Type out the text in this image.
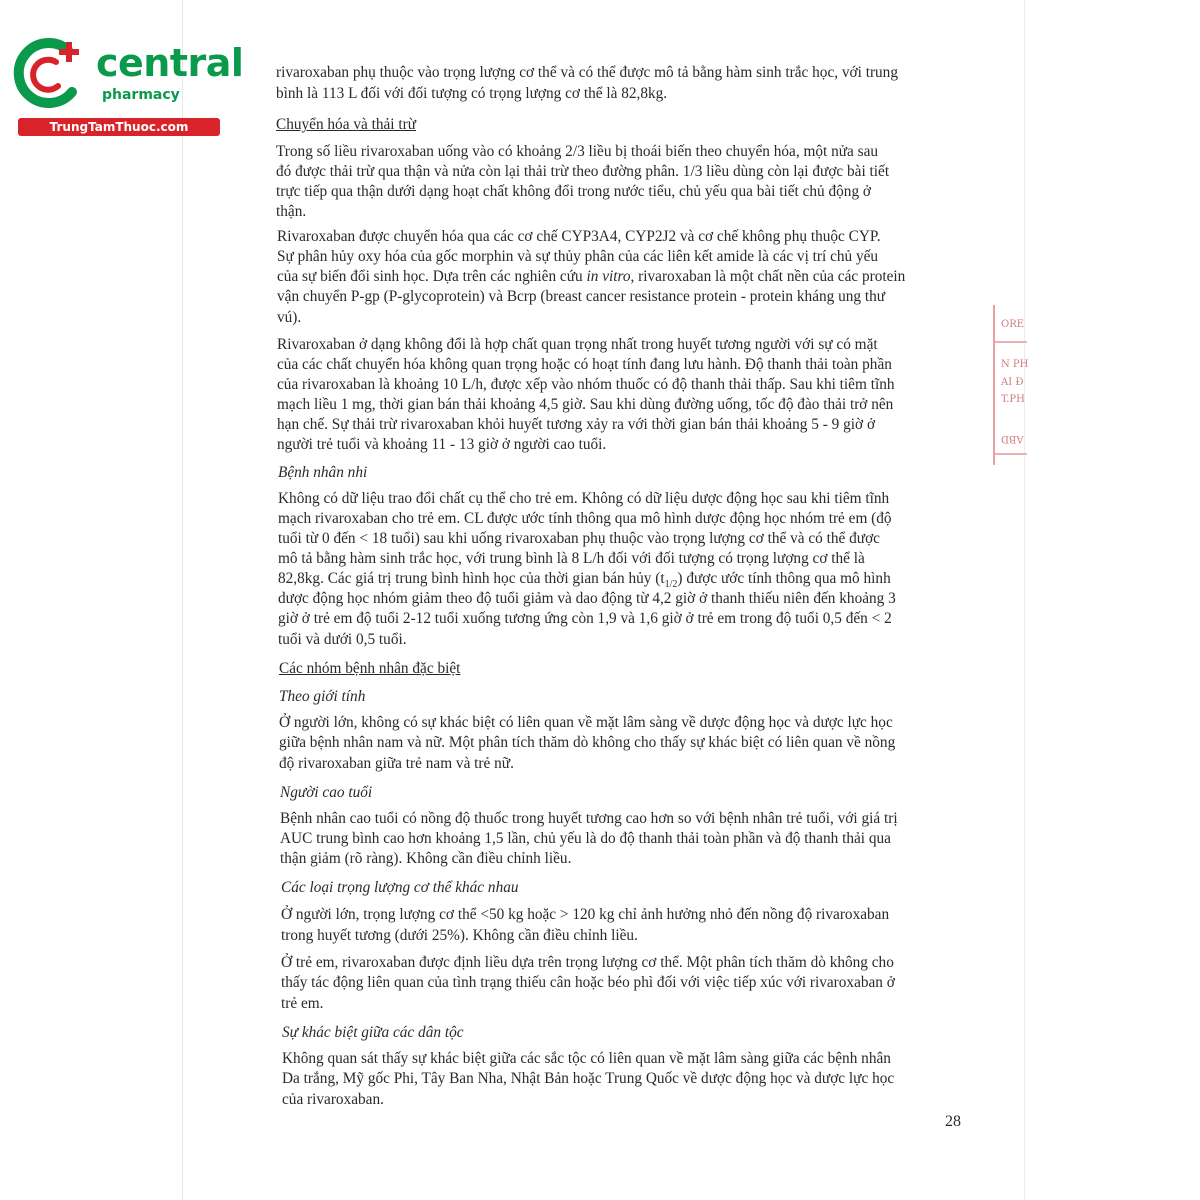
central
pharmacy
TrungTamThuoc.com
ORE
N PH
AI Đ
T.PH
ABD

rivaroxaban phụ thuộc vào trọng lượng cơ thể và có thể được mô tả bằng hàm sinh trắc học, với trung

bình là 113 L đối với đối tượng có trọng lượng cơ thể là 82,8kg.

Chuyển hóa và thải trừ

Trong số liều rivaroxaban uống vào có khoảng 2/3 liều bị thoái biến theo chuyển hóa, một nửa sau

đó được thải trừ qua thận và nửa còn lại thải trừ theo đường phân. 1/3 liều dùng còn lại được bài tiết

trực tiếp qua thận dưới dạng hoạt chất không đổi trong nước tiểu, chủ yếu qua bài tiết chủ động ở

thận.

Rivaroxaban được chuyển hóa qua các cơ chế CYP3A4, CYP2J2 và cơ chế không phụ thuộc CYP.

Sự phân hủy oxy hóa của gốc morphin và sự thủy phân của các liên kết amide là các vị trí chủ yếu

của sự biến đổi sinh học. Dựa trên các nghiên cứu in vitro, rivaroxaban là một chất nền của các protein

vận chuyển P-gp (P-glycoprotein) và Bcrp (breast cancer resistance protein - protein kháng ung thư

vú).

Rivaroxaban ở dạng không đổi là hợp chất quan trọng nhất trong huyết tương người với sự có mặt

của các chất chuyển hóa không quan trọng hoặc có hoạt tính đang lưu hành. Độ thanh thải toàn phần

của rivaroxaban là khoảng 10 L/h, được xếp vào nhóm thuốc có độ thanh thải thấp. Sau khi tiêm tĩnh

mạch liều 1 mg, thời gian bán thải khoảng 4,5 giờ. Sau khi dùng đường uống, tốc độ đào thải trở nên

hạn chế. Sự thải trừ rivaroxaban khỏi huyết tương xảy ra với thời gian bán thải khoảng 5 - 9 giờ ở

người trẻ tuổi và khoảng 11 - 13 giờ ở người cao tuổi.

Bệnh nhân nhi

Không có dữ liệu trao đổi chất cụ thể cho trẻ em. Không có dữ liệu dược động học sau khi tiêm tĩnh

mạch rivaroxaban cho trẻ em. CL được ước tính thông qua mô hình dược động học nhóm trẻ em (độ

tuổi từ 0 đến < 18 tuổi) sau khi uống rivaroxaban phụ thuộc vào trọng lượng cơ thể và có thể được

mô tả bằng hàm sinh trắc học, với trung bình là 8 L/h đối với đối tượng có trọng lượng cơ thể là

82,8kg. Các giá trị trung bình hình học của thời gian bán hủy $(t_{1/2})$ được ước tính thông qua mô hình

dược động học nhóm giảm theo độ tuổi giảm và dao động từ 4,2 giờ ở thanh thiếu niên đến khoảng 3

giờ ở trẻ em độ tuổi 2-12 tuổi xuống tương ứng còn 1,9 và 1,6 giờ ở trẻ em trong độ tuổi 0,5 đến < 2

tuổi và dưới 0,5 tuổi.

Các nhóm bệnh nhân đặc biệt

Theo giới tính

Ở người lớn, không có sự khác biệt có liên quan về mặt lâm sàng về dược động học và dược lực học

giữa bệnh nhân nam và nữ. Một phân tích thăm dò không cho thấy sự khác biệt có liên quan về nồng

độ rivaroxaban giữa trẻ nam và trẻ nữ.

Người cao tuổi

Bệnh nhân cao tuổi có nồng độ thuốc trong huyết tương cao hơn so với bệnh nhân trẻ tuổi, với giá trị

AUC trung bình cao hơn khoảng 1,5 lần, chủ yếu là do độ thanh thải toàn phần và độ thanh thải qua

thận giảm (rõ ràng). Không cần điều chỉnh liều.

Các loại trọng lượng cơ thể khác nhau

Ở người lớn, trọng lượng cơ thể <50 kg hoặc > 120 kg chỉ ảnh hưởng nhỏ đến nồng độ rivaroxaban

trong huyết tương (dưới 25%). Không cần điều chỉnh liều.

Ở trẻ em, rivaroxaban được định liều dựa trên trọng lượng cơ thể. Một phân tích thăm dò không cho

thấy tác động liên quan của tình trạng thiếu cân hoặc béo phì đối với việc tiếp xúc với rivaroxaban ở

trẻ em.

Sự khác biệt giữa các dân tộc

Không quan sát thấy sự khác biệt giữa các sắc tộc có liên quan về mặt lâm sàng giữa các bệnh nhân

Da trắng, Mỹ gốc Phi, Tây Ban Nha, Nhật Bản hoặc Trung Quốc về dược động học và dược lực học

của rivaroxaban.

28
